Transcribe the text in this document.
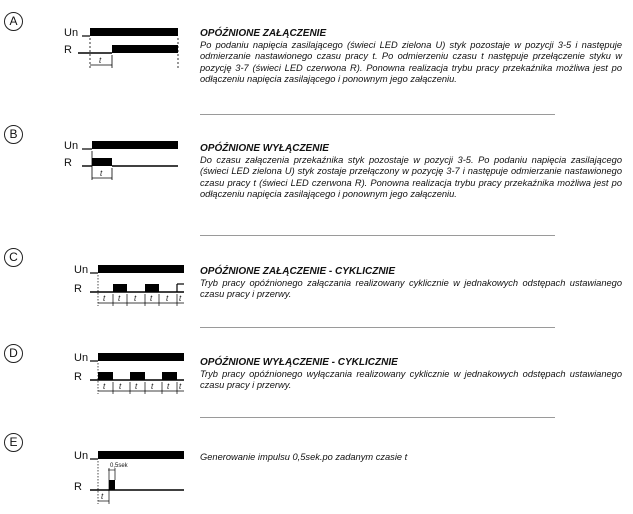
A
Un
R
t
OPÓŹNIONE ZAŁĄCZENIE
Po podaniu napięcia zasilającego (świeci LED zielona U) styk pozostaje w pozycji 3-5 i następuje odmierzanie nastawionego czasu pracy t. Po odmierzeniu czasu t następuje przełączenie styku w pozycję 3-7 (świeci LED czerwona R). Ponowna realizacja trybu pracy przekaźnika możliwa jest po odłączeniu napięcia zasilającego i ponownym jego załączeniu.
B
Un
R
t
OPÓŹNIONE WYŁĄCZENIE
Do czasu załączenia przekaźnika styk pozostaje w pozycji 3-5. Po podaniu napięcia zasilającego (świeci LED zielona U) styk zostaje przełączony w pozycję 3-7 i następuje odmierzanie nastawionego czasu pracy t (świeci LED czerwona R). Ponowna realizacja trybu pracy przekaźnika możliwa jest po odłączeniu napięcia zasilającego i ponownym jego załączeniu.
C
Un
R
t t t t t t
OPÓŹNIONE ZAŁĄCZENIE - CYKLICZNIE
Tryb pracy opóźnionego załączania realizowany cyklicznie w jednakowych odstępach ustawianego czasu pracy i przerwy.
D	Un
R
t t t t t t
OPÓŹNIONE WYŁĄCZENIE - CYKLICZNIE
Tryb pracy opóźnionego wyłączania realizowany cyklicznie w jednakowych odstępach ustawianego czasu pracy i przerwy.
E
Un
0,5sek
R
t
Generowanie impulsu 0,5sek.po zadanym czasie t
